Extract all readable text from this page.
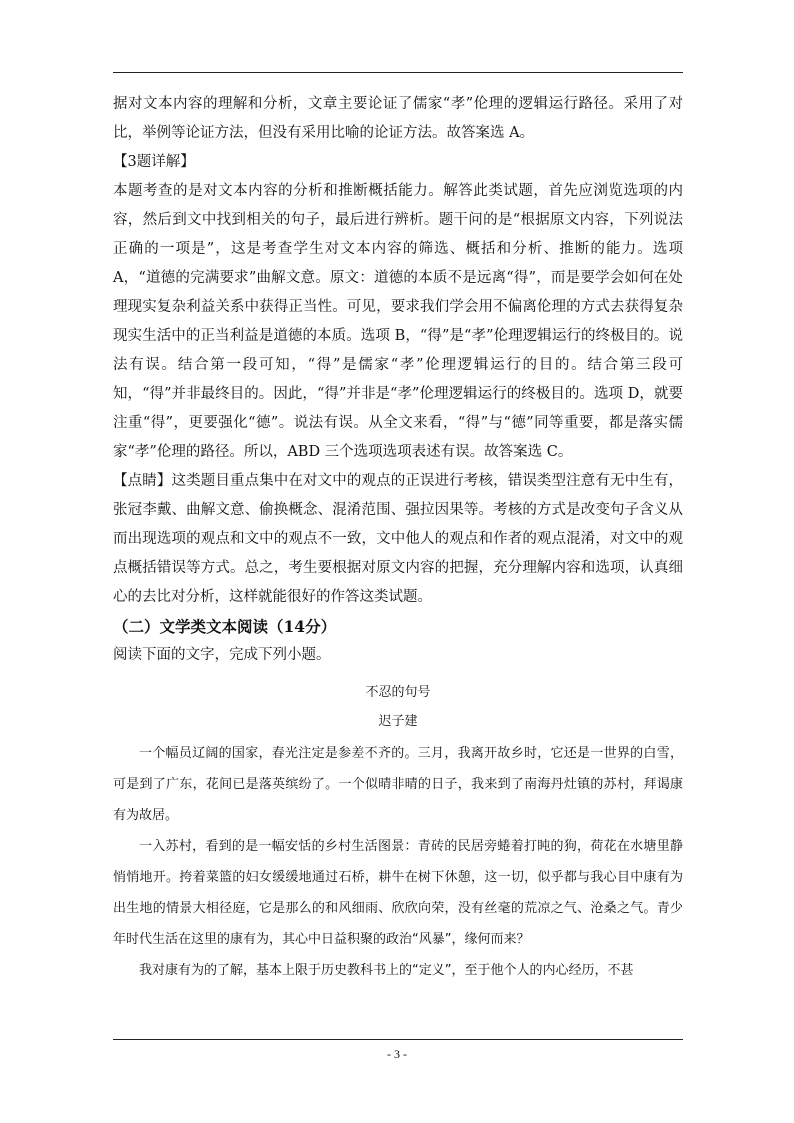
据对文本内容的理解和分析，文章主要论证了儒家“孝”伦理的逻辑运行路径。采用了对比，举例等论证方法，但没有采用比喻的论证方法。故答案选 A。

【3题详解】

本题考查的是对文本内容的分析和推断概括能力。解答此类试题，首先应浏览选项的内容，然后到文中找到相关的句子，最后进行辨析。题干问的是“根据原文内容，下列说法正确的一项是”，这是考查学生对文本内容的筛选、概括和分析、推断的能力。选项 A，“道德的完满要求”曲解文意。原文：道德的本质不是远离“得”，而是要学会如何在处理现实复杂利益关系中获得正当性。可见，要求我们学会用不偏离伦理的方式去获得复杂现实生活中的正当利益是道德的本质。选项 B，“得”是“孝”伦理逻辑运行的终极目的。说法有误。结合第一段可知，“得”是儒家“孝”伦理逻辑运行的目的。结合第三段可知，“得”并非最终目的。因此，“得”并非是“孝”伦理逻辑运行的终极目的。选项 D，就要注重“得”，更要强化“德”。说法有误。从全文来看，“得”与“德”同等重要，都是落实儒家“孝”伦理的路径。所以，ABD 三个选项选项表述有误。故答案选 C。

【点睛】这类题目重点集中在对文中的观点的正误进行考核，错误类型注意有无中生有，张冠李戴、曲解文意、偷换概念、混淆范围、强拉因果等。考核的方式是改变句子含义从而出现选项的观点和文中的观点不一致，文中他人的观点和作者的观点混淆，对文中的观点概括错误等方式。总之，考生要根据对原文内容的把握，充分理解内容和选项，认真细心的去比对分析，这样就能很好的作答这类试题。

（二）文学类文本阅读（14分）

阅读下面的文字，完成下列小题。

不忍的句号
迟子建

一个幅员辽阔的国家，春光注定是参差不齐的。三月，我离开故乡时，它还是一世界的白雪，可是到了广东，花间已是落英缤纷了。一个似晴非晴的日子，我来到了南海丹灶镇的苏村，拜谒康有为故居。

一入苏村，看到的是一幅安恬的乡村生活图景：青砖的民居旁蜷着打盹的狗，荷花在水塘里静悄悄地开。挎着菜篮的妇女缓缓地通过石桥，耕牛在树下休憩，这一切，似乎都与我心目中康有为出生地的情景大相径庭，它是那么的和风细雨、欣欣向荣，没有丝毫的荒凉之气、沧桑之气。青少年时代生活在这里的康有为，其心中日益积聚的政治“风暴”，缘何而来？

我对康有为的了解，基本上限于历史教科书上的“定义”，至于他个人的内心经历，不甚

- 3 -
